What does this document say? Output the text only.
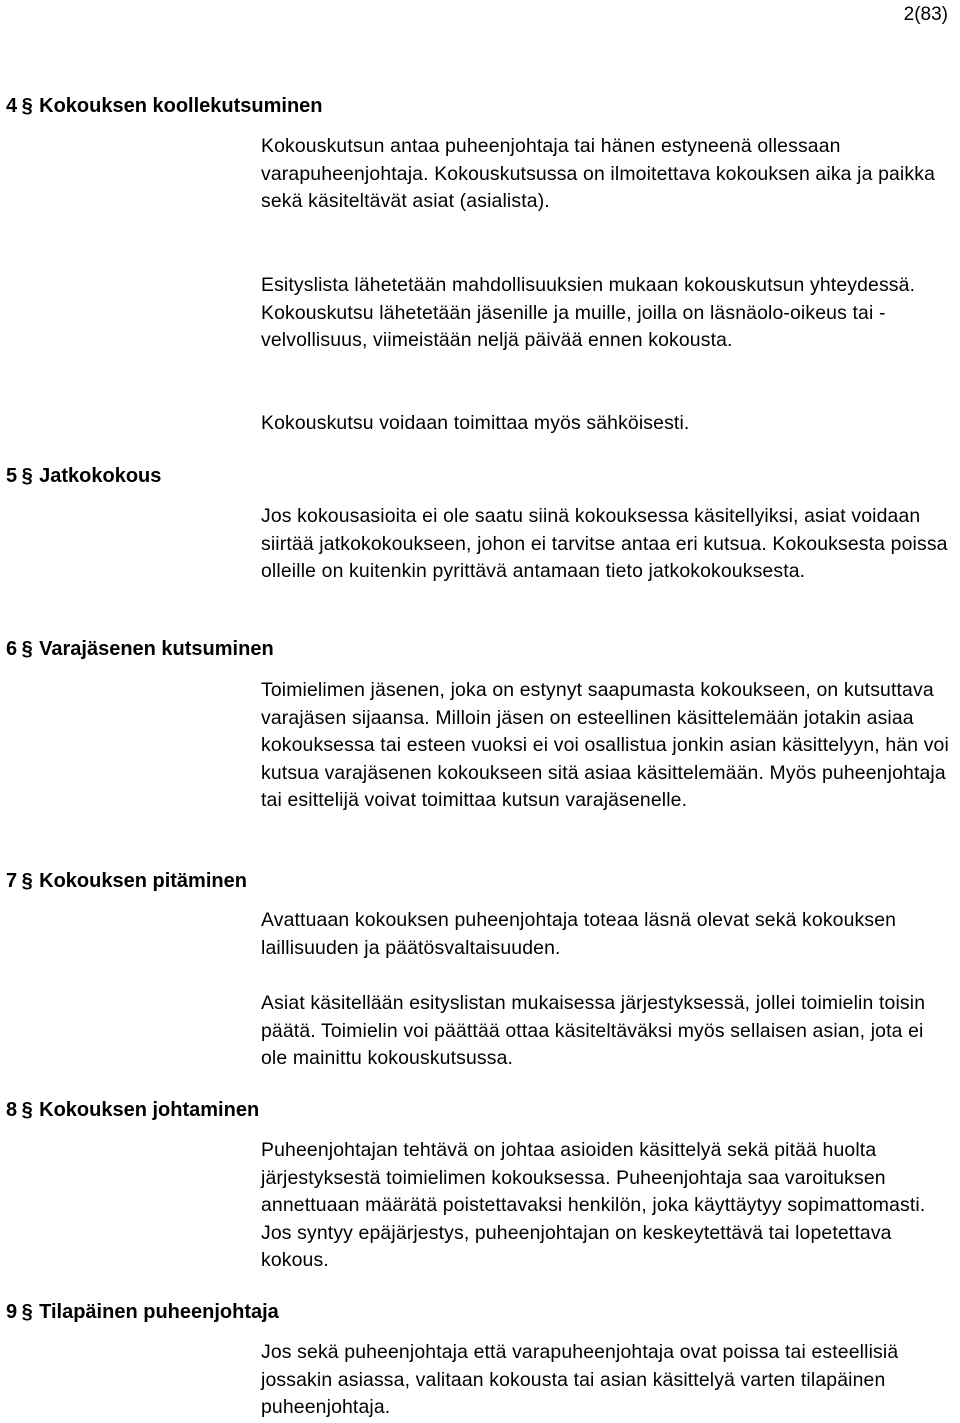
2(83)
4 § Kokouksen koollekutsuminen

Kokouskutsun antaa puheenjohtaja tai hänen estyneenä ollessaan varapuheenjohtaja. Kokouskutsussa on ilmoitettava kokouksen aika ja paikka sekä käsiteltävät asiat (asialista).

Esityslista lähetetään mahdollisuuksien mukaan kokouskutsun yhteydessä. Kokouskutsu lähetetään jäsenille ja muille, joilla on läsnäolo-oikeus tai -velvollisuus, viimeistään neljä päivää ennen kokousta.

Kokouskutsu voidaan toimittaa myös sähköisesti.

5 § Jatkokokous

Jos kokousasioita ei ole saatu siinä kokouksessa käsitellyiksi, asiat voidaan siirtää jatkokokoukseen, johon ei tarvitse antaa eri kutsua. Kokouksesta poissa olleille on kuitenkin pyrittävä antamaan tieto jatkokokouksesta.

6 § Varajäsenen kutsuminen

Toimielimen jäsenen, joka on estynyt saapumasta kokoukseen, on kutsuttava varajäsen sijaansa. Milloin jäsen on esteellinen käsittelemään jotakin asiaa kokouksessa tai esteen vuoksi ei voi osallistua jonkin asian käsittelyyn, hän voi kutsua varajäsenen kokoukseen sitä asiaa käsittelemään. Myös puheenjohtaja tai esittelijä voivat toimittaa kutsun varajäsenelle.

7 § Kokouksen pitäminen

Avattuaan kokouksen puheenjohtaja toteaa läsnä olevat sekä kokouksen laillisuuden ja päätösvaltaisuuden.

Asiat käsitellään esityslistan mukaisessa järjestyksessä, jollei toimielin toisin päätä. Toimielin voi päättää ottaa käsiteltäväksi myös sellaisen asian, jota ei ole mainittu kokouskutsussa.

8 § Kokouksen johtaminen

Puheenjohtajan tehtävä on johtaa asioiden käsittelyä sekä pitää huolta järjestyksestä toimielimen kokouksessa. Puheenjohtaja saa varoituksen annettuaan määrätä poistettavaksi henkilön, joka käyttäytyy sopimattomasti. Jos syntyy epäjärjestys, puheenjohtajan on keskeytettävä tai lopetettava kokous.

9 § Tilapäinen puheenjohtaja

Jos sekä puheenjohtaja että varapuheenjohtaja ovat poissa tai esteellisiä jossakin asiassa, valitaan kokousta tai asian käsittelyä varten tilapäinen puheenjohtaja.
